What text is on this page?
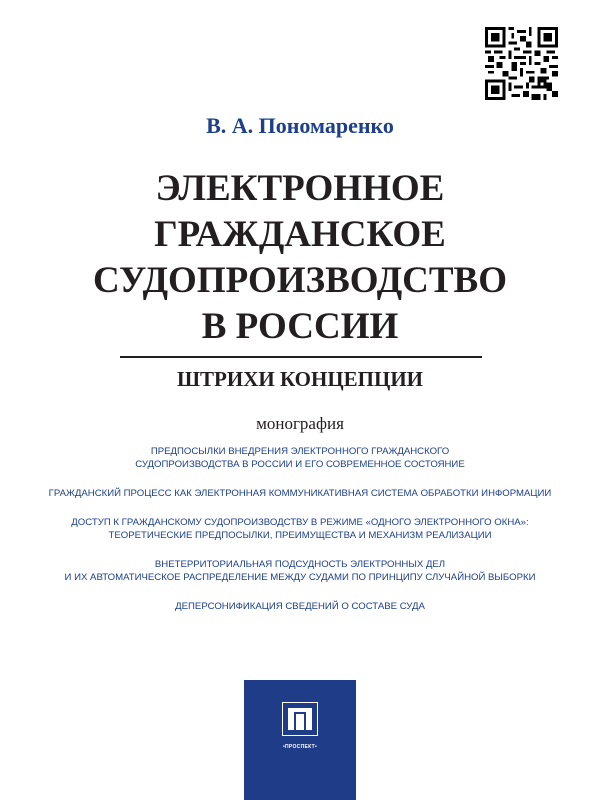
В. А. Пономаренко
ЭЛЕКТРОННОЕ
ГРАЖДАНСКОЕ
СУДОПРОИЗВОДСТВО
В РОССИИ
ШТРИХИ КОНЦЕПЦИИ
монография
ПРЕДПОСЫЛКИ ВНЕДРЕНИЯ ЭЛЕКТРОННОГО ГРАЖДАНСКОГО
СУДОПРОИЗВОДСТВА В РОССИИ И ЕГО СОВРЕМЕННОЕ СОСТОЯНИЕ
ГРАЖДАНСКИЙ ПРОЦЕСС КАК ЭЛЕКТРОННАЯ КОММУНИКАТИВНАЯ СИСТЕМА ОБРАБОТКИ ИНФОРМАЦИИ
ДОСТУП К ГРАЖДАНСКОМУ СУДОПРОИЗВОДСТВУ В РЕЖИМЕ «ОДНОГО ЭЛЕКТРОННОГО ОКНА»:
ТЕОРЕТИЧЕСКИЕ ПРЕДПОСЫЛКИ, ПРЕИМУЩЕСТВА И МЕХАНИЗМ РЕАЛИЗАЦИИ
ВНЕТЕРРИТОРИАЛЬНАЯ ПОДСУДНОСТЬ ЭЛЕКТРОННЫХ ДЕЛ
И ИХ АВТОМАТИЧЕСКОЕ РАСПРЕДЕЛЕНИЕ МЕЖДУ СУДАМИ ПО ПРИНЦИПУ СЛУЧАЙНОЙ ВЫБОРКИ
ДЕПЕРСОНИФИКАЦИЯ СВЕДЕНИЙ О СОСТАВЕ СУДА
•ПРОСПЕКТ•
